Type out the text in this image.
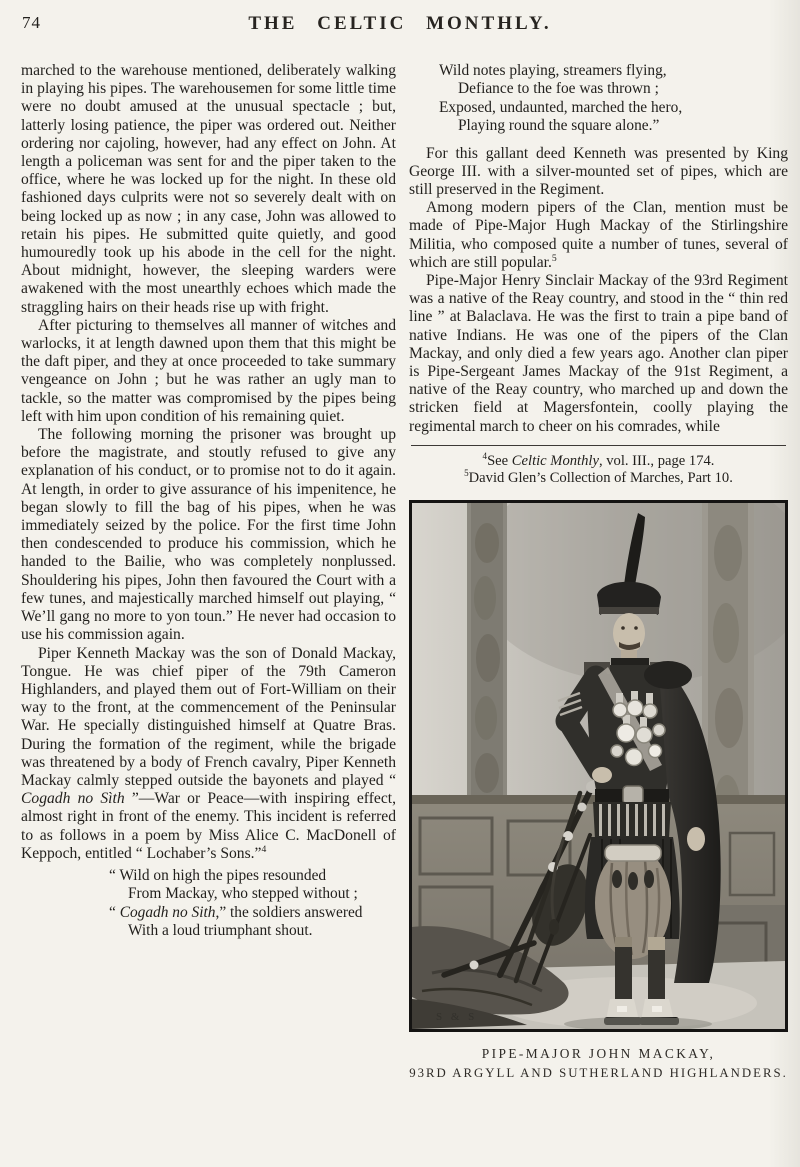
74	THE CELTIC MONTHLY.

marched to the warehouse mentioned, deliberately walking in playing his pipes. The warehousemen for some little time were no doubt amused at the unusual spectacle ; but, latterly losing patience, the piper was ordered out. Neither ordering nor cajoling, however, had any effect on John. At length a policeman was sent for and the piper taken to the office, where he was locked up for the night. In these old fashioned days culprits were not so severely dealt with on being locked up as now ; in any case, John was allowed to retain his pipes. He submitted quite quietly, and good humouredly took up his abode in the cell for the night. About midnight, however, the sleeping warders were awakened with the most unearthly echoes which made the straggling hairs on their heads rise up with fright.

After picturing to themselves all manner of witches and warlocks, it at length dawned upon them that this might be the daft piper, and they at once proceeded to take summary vengeance on John ; but he was rather an ugly man to tackle, so the matter was compromised by the pipes being left with him upon condition of his remaining quiet.

The following morning the prisoner was brought up before the magistrate, and stoutly refused to give any explanation of his conduct, or to promise not to do it again. At length, in order to give assurance of his impenitence, he began slowly to fill the bag of his pipes, when he was immediately seized by the police. For the first time John then condescended to produce his commission, which he handed to the Bailie, who was completely nonplussed. Shouldering his pipes, John then favoured the Court with a few tunes, and majestically marched himself out playing, “ We’ll gang no more to yon toun.” He never had occasion to use his commission again.

Piper Kenneth Mackay was the son of Donald Mackay, Tongue. He was chief piper of the 79th Cameron Highlanders, and played them out of Fort-William on their way to the front, at the commencement of the Peninsular War. He specially distinguished himself at Quatre Bras. During the formation of the regiment, while the brigade was threatened by a body of French cavalry, Piper Kenneth Mackay calmly stepped outside the bayonets and played “ Cogadh no Sìth ”—War or Peace—with inspiring effect, almost right in front of the enemy. This incident is referred to as follows in a poem by Miss Alice C. MacDonell of Keppoch, entitled “ Lochaber’s Sons.”$^4$

“ Wild on high the pipes resounded
From Mackay, who stepped without ;
“ Cogadh no Sith,” the soldiers answered
With a loud triumphant shout.
Wild notes playing, streamers flying,
Defiance to the foe was thrown ;
Exposed, undaunted, marched the hero,
Playing round the square alone.”

For this gallant deed Kenneth was presented by King George III. with a silver-mounted set of pipes, which are still preserved in the Regiment.

Among modern pipers of the Clan, mention must be made of Pipe-Major Hugh Mackay of the Stirlingshire Militia, who composed quite a number of tunes, several of which are still popular.$^5$

Pipe-Major Henry Sinclair Mackay of the 93rd Regiment was a native of the Reay country, and stood in the “ thin red line ” at Balaclava. He was the first to train a pipe band of native Indians. He was one of the pipers of the Clan Mackay, and only died a few years ago. Another clan piper is Pipe-Sergeant James Mackay of the 91st Regiment, a native of the Reay country, who marched up and down the stricken field at Magersfontein, coolly playing the regimental march to cheer on his comrades, while

$^4$See Celtic Monthly, vol. III., page 174.
$^5$David Glen’s Collection of Marches, Part 10.
S & S
PIPE-MAJOR JOHN MACKAY,
93RD ARGYLL AND SUTHERLAND HIGHLANDERS.
